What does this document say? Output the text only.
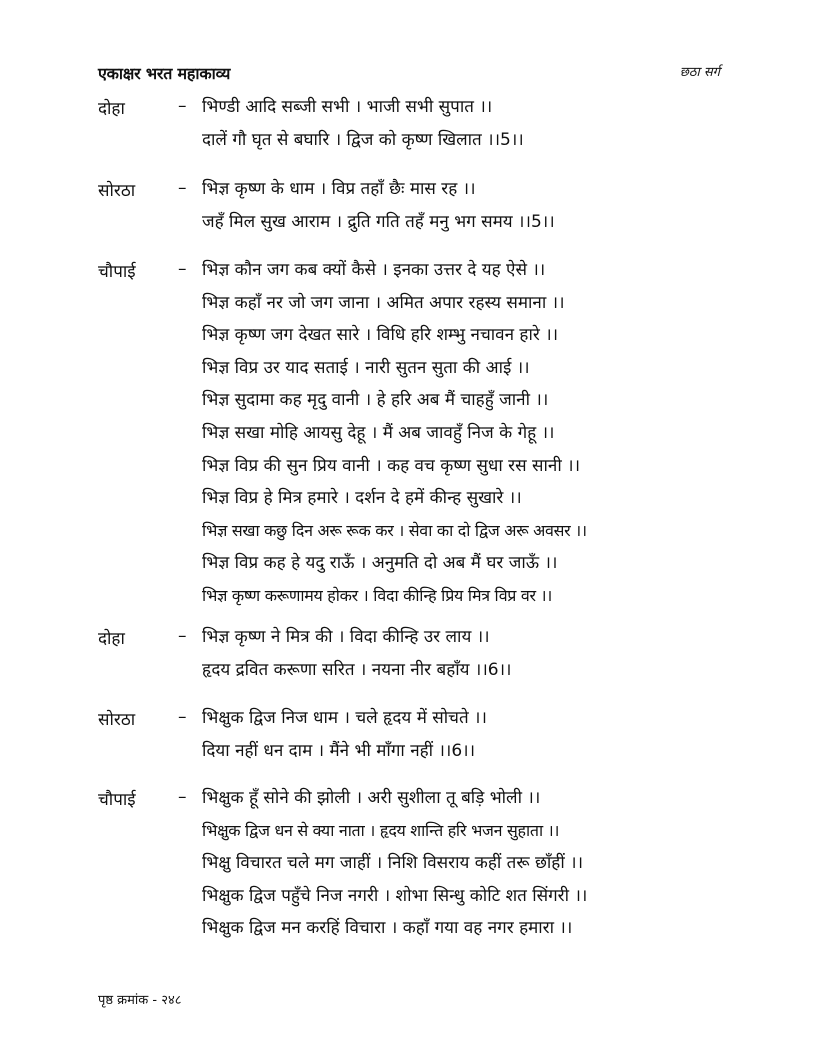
एकाक्षर भरत महाकाव्य	छठा सर्ग
दोहा	– भिण्डी आदि सब्जी सभी । भाजी सभी सुपात ।।
दालें गौ घृत से बघारि । द्विज को कृष्ण खिलात ।।5।।
सोरठा	– भिज्ञ कृष्ण के धाम । विप्र तहाँ छैः मास रह ।।
जहँ मिल सुख आराम । द्रुति गति तहँ मनु भग समय ।।5।।
चौपाई – भिज्ञ कौन जग कब क्यों कैसे । इनका उत्तर दे यह ऐसे ।।
भिज्ञ कहाँ नर जो जग जाना । अमित अपार रहस्य समाना ।।
भिज्ञ कृष्ण जग देखत सारे । विधि हरि शम्भु नचावन हारे ।।
भिज्ञ विप्र उर याद सताई । नारी सुतन सुता की आई ।।
भिज्ञ सुदामा कह मृदु वानी । हे हरि अब मैं चाहहुँ जानी ।।
भिज्ञ सखा मोहि आयसु देहू । मैं अब जावहुँ निज के गेहू ।।
भिज्ञ विप्र की सुन प्रिय वानी । कह वच कृष्ण सुधा रस सानी ।।
भिज्ञ विप्र हे मित्र हमारे । दर्शन दे हमें कीन्ह सुखारे ।।
भिज्ञ सखा कछु दिन अरू रूक कर । सेवा का दो द्विज अरू अवसर ।।
भिज्ञ विप्र कह हे यदु राऊँ । अनुमति दो अब मैं घर जाऊँ ।।
भिज्ञ कृष्ण करूणामय होकर । विदा कीन्हि प्रिय मित्र विप्र वर ।।
दोहा	– भिज्ञ कृष्ण ने मित्र की । विदा कीन्हि उर लाय ।।
हृदय द्रवित करूणा सरित । नयना नीर बहाँय ।।6।।
सोरठा	– भिक्षुक द्विज निज धाम । चले हृदय में सोचते ।।
दिया नहीं धन दाम । मैंने भी माँगा नहीं ।।6।।
चौपाई – भिक्षुक हूँ सोने की झोली । अरी सुशीला तू बड़ि भोली ।।
भिक्षुक द्विज धन से क्या नाता । हृदय शान्ति हरि भजन सुहाता ।।
भिक्षु विचारत चले मग जाहीं । निशि विसराय कहीं तरू छाँहीं ।।
भिक्षुक द्विज पहुँचे निज नगरी । शोभा सिन्धु कोटि शत सिंगरी ।।
भिक्षुक द्विज मन करहिं विचारा । कहाँ गया वह नगर हमारा ।।
पृष्ठ क्रमांक - २४८
